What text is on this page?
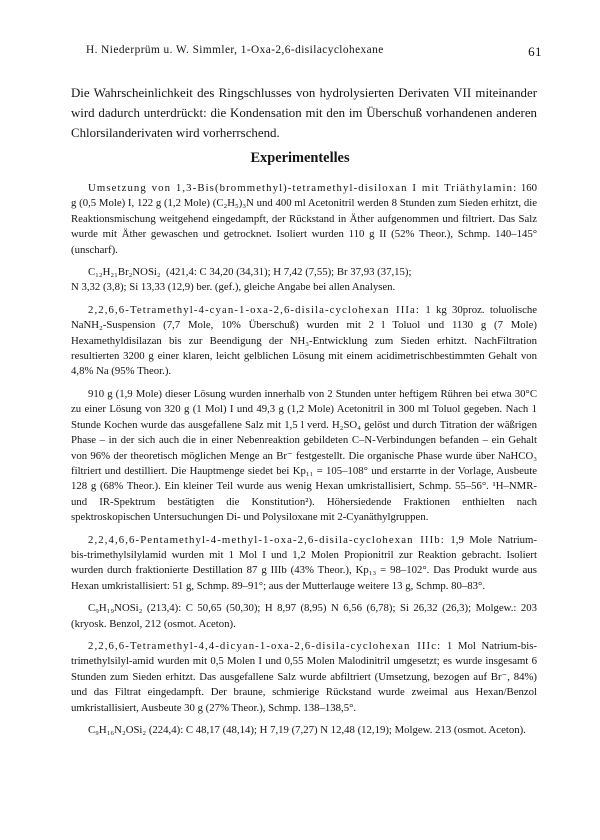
H. Niederprüm u. W. Simmler, 1-Oxa-2,6-disilacyclohexane	61

Die Wahrscheinlichkeit des Ringschlusses von hydrolysierten Derivaten VII miteinander wird dadurch unterdrückt: die Kondensation mit den im Überschuß vorhandenen anderen Chlorsilanderivaten wird vorherrschend.

Experimentelles

Umsetzung von 1,3-Bis(brommethyl)-tetramethyl-disiloxan I mit Triäthylamin: 160 g (0,5 Mole) I, 122 g (1,2 Mole) (C₂H₅)₃N und 400 ml Acetonitril werden 8 Stunden zum Sieden erhitzt, die Reaktionsmischung weitgehend eingedampft, der Rückstand in Äther aufgenommen und filtriert. Das Salz wurde mit Äther gewaschen und getrocknet. Isoliert wurden 110 g II (52% Theor.), Schmp. 140–145° (unscharf).

C₁₂H₂₁Br₂NOSi₂ (421,4: C 34,20 (34,31); H 7,42 (7,55); Br 37,93 (37,15);
N 3,32 (3,8); Si 13,33 (12,9) ber. (gef.), gleiche Angabe bei allen Analysen.

2,2,6,6-Tetramethyl-4-cyan-1-oxa-2,6-disila-cyclohexan IIIa: 1 kg 30proz. toluolische NaNH₂-Suspension (7,7 Mole, 10% Überschuß) wurden mit 2 l Toluol und 1130 g (7 Mole) Hexamethyldisilazan bis zur Beendigung der NH₃-Entwicklung zum Sieden erhitzt. NachFiltration resultierten 3200 g einer klaren, leicht gelblichen Lösung mit einem acidimetrischbestimmten Gehalt von 4,8% Na (95% Theor.).

910 g (1,9 Mole) dieser Lösung wurden innerhalb von 2 Stunden unter heftigem Rühren bei etwa 30°C zu einer Lösung von 320 g (1 Mol) I und 49,3 g (1,2 Mole) Acetonitril in 300 ml Toluol gegeben. Nach 1 Stunde Kochen wurde das ausgefallene Salz mit 1,5 l verd. H₂SO₄ gelöst und durch Titration der wäßrigen Phase – in der sich auch die in einer Nebenreaktion gebildeten C–N-Verbindungen befanden – ein Gehalt von 96% der theoretisch möglichen Menge an Br⁻ festgestellt. Die organische Phase wurde über NaHCO₃ filtriert und destilliert. Die Hauptmenge siedet bei Kp₁₁ = 105–108° und erstarrte in der Vorlage, Ausbeute 128 g (68% Theor.). Ein kleiner Teil wurde aus wenig Hexan umkristallisiert, Schmp. 55–56°. ¹H–NMR- und IR-Spektrum bestätigten die Konstitution²). Höhersiedende Fraktionen enthielten nach spektroskopischen Untersuchungen Di- und Polysiloxane mit 2-Cyanäthylgruppen.

2,2,4,6,6-Pentamethyl-4-methyl-1-oxa-2,6-disila-cyclohexan IIIb: 1,9 Mole Natrium-bis-trimethylsilylamid wurden mit 1 Mol I und 1,2 Molen Propionitril zur Reaktion gebracht. Isoliert wurden durch fraktionierte Destillation 87 g IIIb (43% Theor.), Kp₁₃ = 98–102°. Das Produkt wurde aus Hexan umkristallisiert: 51 g, Schmp. 89–91°; aus der Mutterlauge weitere 13 g, Schmp. 80–83°.

C₉H₁₉NOSi₂ (213,4): C 50,65 (50,30); H 8,97 (8,95) N 6,56 (6,78); Si 26,32 (26,3); Molgew.: 203 (kryosk. Benzol, 212 (osmot. Aceton).

2,2,6,6-Tetramethyl-4,4-dicyan-1-oxa-2,6-disila-cyclohexan IIIc: 1 Mol Natrium-bis-trimethylsilyl-amid wurden mit 0,5 Molen I und 0,55 Molen Malodinitril umgesetzt; es wurde insgesamt 6 Stunden zum Sieden erhitzt. Das ausgefallene Salz wurde abfiltriert (Umsetzung, bezogen auf Br⁻, 84%) und das Filtrat eingedampft. Der braune, schmierige Rückstand wurde zweimal aus Hexan/Benzol umkristallisiert, Ausbeute 30 g (27% Theor.), Schmp. 138–138,5°.

C₉H₁₆N₂OSi₂ (224,4): C 48,17 (48,14); H 7,19 (7,27) N 12,48 (12,19); Molgew. 213 (osmot. Aceton).
